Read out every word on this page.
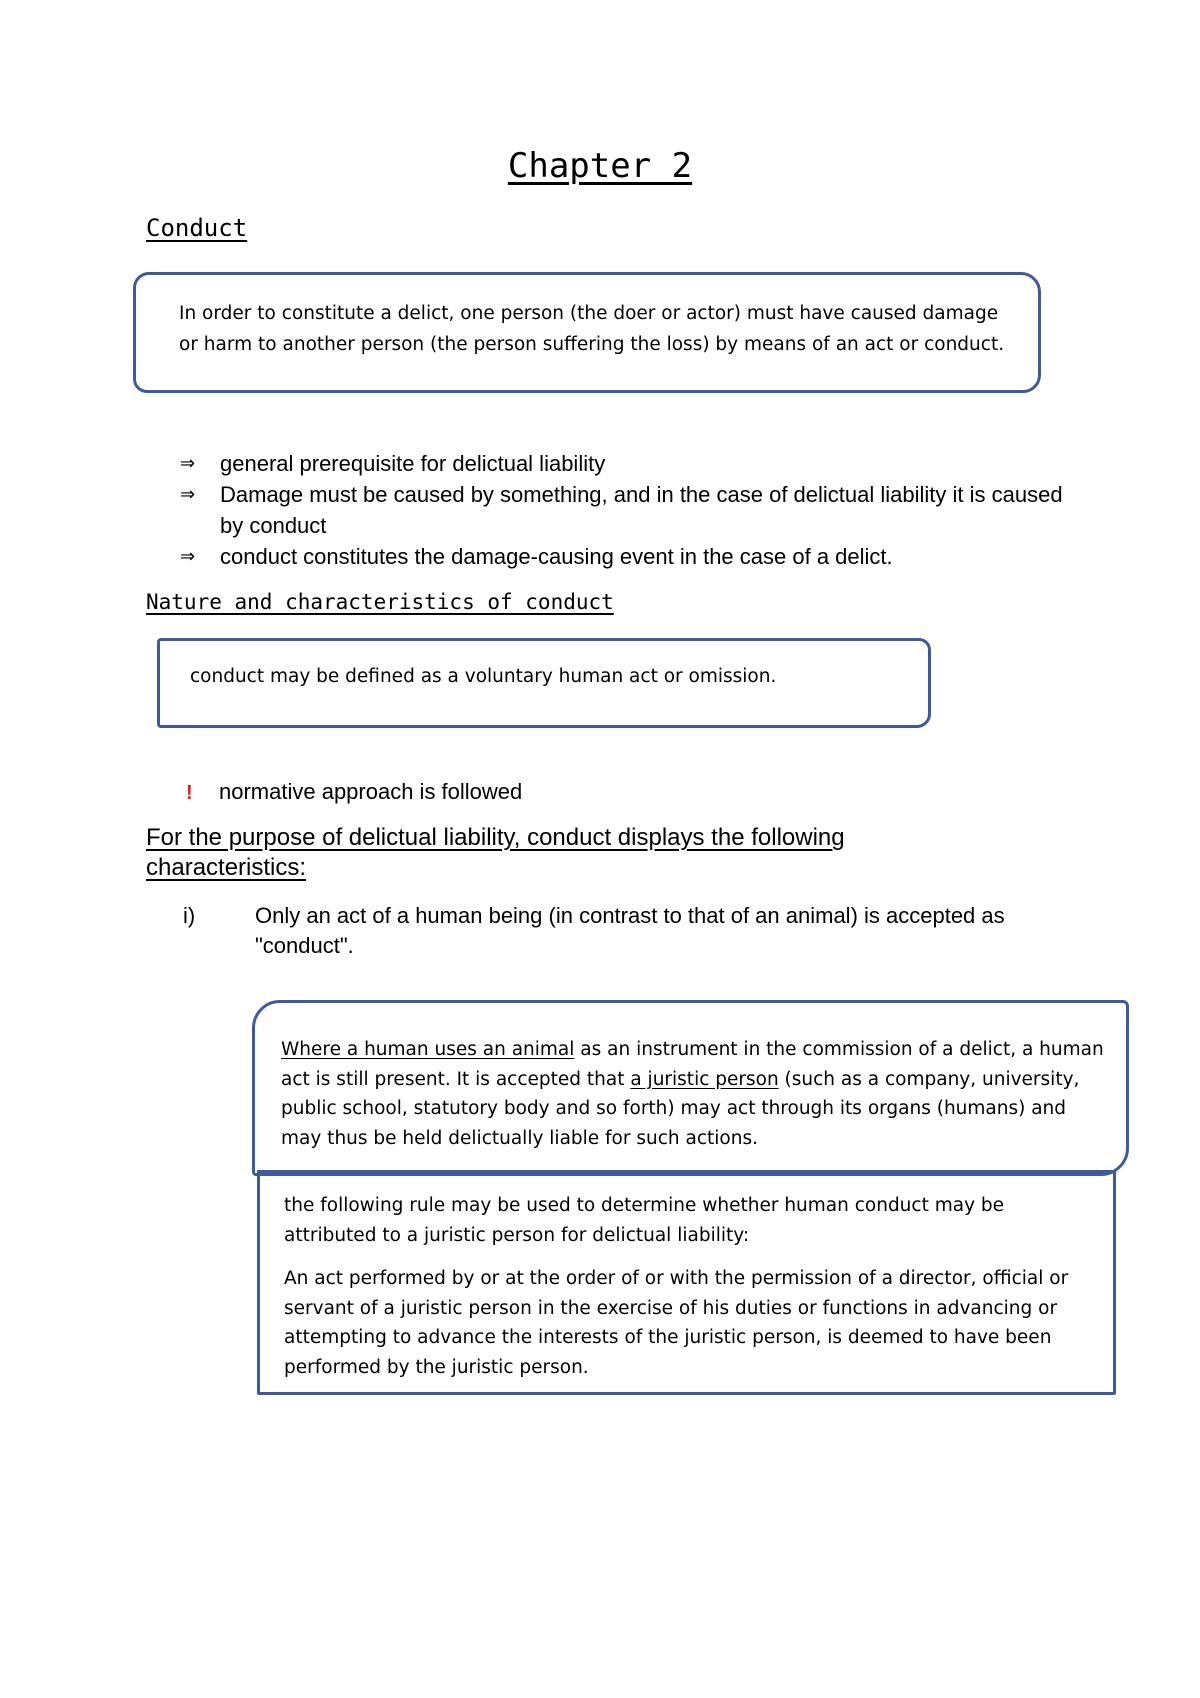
Chapter 2
Conduct
In order to constitute a delict, one person (the doer or actor) must have caused damage or harm to another person (the person suffering the loss) by means of an act or conduct.
⇒ general prerequisite for delictual liability
⇒ Damage must be caused by something, and in the case of delictual liability it is caused by conduct
⇒ conduct constitutes the damage-causing event in the case of a delict.
Nature and characteristics of conduct
conduct may be defined as a voluntary human act or omission.
! normative approach is followed
For the purpose of delictual liability, conduct displays the following characteristics:
i)	Only an act of a human being (in contrast to that of an animal) is accepted as "conduct".
Where a human uses an animal as an instrument in the commission of a delict, a human act is still present. It is accepted that a juristic person (such as a company, university, public school, statutory body and so forth) may act through its organs (humans) and may thus be held delictually liable for such actions.
the following rule may be used to determine whether human conduct may be attributed to a juristic person for delictual liability:
An act performed by or at the order of or with the permission of a director, official or servant of a juristic person in the exercise of his duties or functions in advancing or attempting to advance the interests of the juristic person, is deemed to have been performed by the juristic person.
